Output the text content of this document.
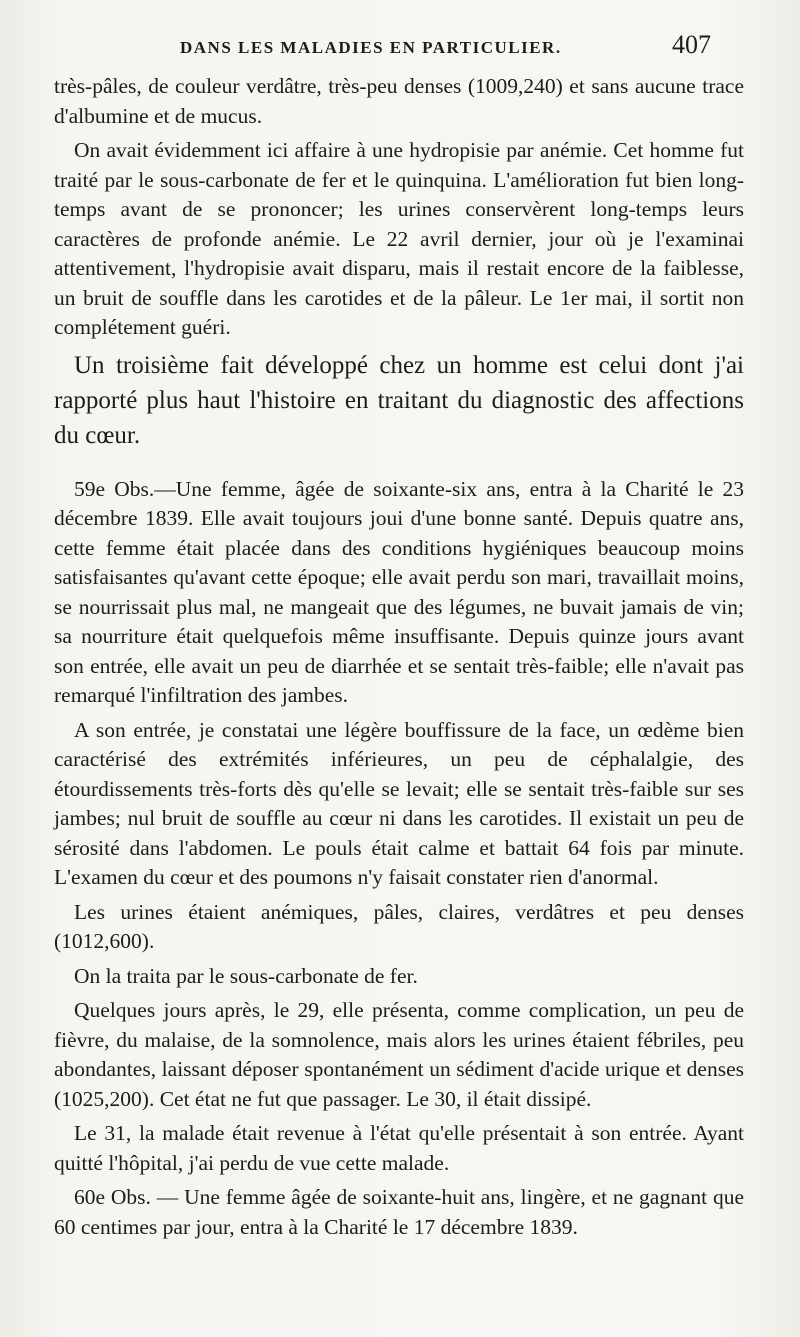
DANS LES MALADIES EN PARTICULIER.	407

très-pâles, de couleur verdâtre, très-peu denses (1009,240) et sans aucune trace d'albumine et de mucus.

On avait évidemment ici affaire à une hydropisie par anémie. Cet homme fut traité par le sous-carbonate de fer et le quinquina. L'amélioration fut bien long-temps avant de se prononcer; les urines conservèrent long-temps leurs caractères de profonde anémie. Le 22 avril dernier, jour où je l'examinai attentivement, l'hydropisie avait disparu, mais il restait encore de la faiblesse, un bruit de souffle dans les carotides et de la pâleur. Le 1er mai, il sortit non complétement guéri.

Un troisième fait développé chez un homme est celui dont j'ai rapporté plus haut l'histoire en traitant du diagnostic des affections du cœur.

59e Obs.—Une femme, âgée de soixante-six ans, entra à la Charité le 23 décembre 1839. Elle avait toujours joui d'une bonne santé. Depuis quatre ans, cette femme était placée dans des conditions hygiéniques beaucoup moins satisfaisantes qu'avant cette époque; elle avait perdu son mari, travaillait moins, se nourrissait plus mal, ne mangeait que des légumes, ne buvait jamais de vin; sa nourriture était quelquefois même insuffisante. Depuis quinze jours avant son entrée, elle avait un peu de diarrhée et se sentait très-faible; elle n'avait pas remarqué l'infiltration des jambes.

A son entrée, je constatai une légère bouffissure de la face, un œdème bien caractérisé des extrémités inférieures, un peu de céphalalgie, des étourdissements très-forts dès qu'elle se levait; elle se sentait très-faible sur ses jambes; nul bruit de souffle au cœur ni dans les carotides. Il existait un peu de sérosité dans l'abdomen. Le pouls était calme et battait 64 fois par minute. L'examen du cœur et des poumons n'y faisait constater rien d'anormal.

Les urines étaient anémiques, pâles, claires, verdâtres et peu denses (1012,600).

On la traita par le sous-carbonate de fer.

Quelques jours après, le 29, elle présenta, comme complication, un peu de fièvre, du malaise, de la somnolence, mais alors les urines étaient fébriles, peu abondantes, laissant déposer spontanément un sédiment d'acide urique et denses (1025,200). Cet état ne fut que passager. Le 30, il était dissipé.

Le 31, la malade était revenue à l'état qu'elle présentait à son entrée. Ayant quitté l'hôpital, j'ai perdu de vue cette malade.

60e Obs. — Une femme âgée de soixante-huit ans, lingère, et ne gagnant que 60 centimes par jour, entra à la Charité le 17 décembre 1839.
